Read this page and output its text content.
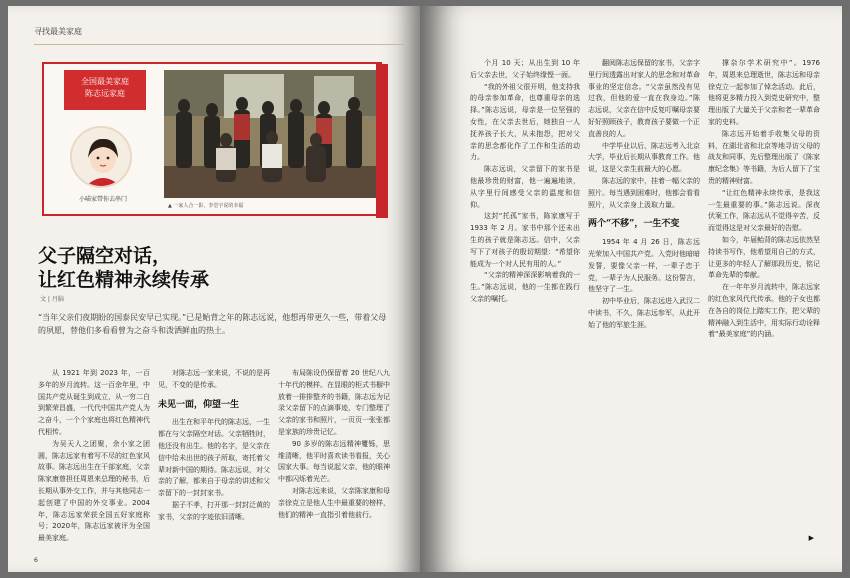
寻找最美家庭
全国最美家庭
陈志远家庭
小喵家带你去串门
▲ 一家人合一影，李堂宇说的幸福
父子隔空对话，
让红色精神永续传承
文 | 丹脑
“当年父亲们夜期盼的国泰民安早已实现。”已是鲐背之年的陈志远说，他想再带更久一些，带着父母的夙愿，替他们多看看曾为之奋斗和泼洒鲜血的热土。

从 1921 年到 2023 年，一百多年的岁月流转。这一百余年里，中国共产党从诞生到成立，从一穷二白到繁荣昌盛，一代代中国共产党人为之奋斗，一个个家庭也将红色精神代代相传。

为吴天人之团聚，余小家之团圆，陈志远家有着写不尽的红色家风故事。陈志远出生在干部家庭，父亲陈家康曾担任周恩来总理的秘书，后长期从事外交工作，并与其他同志一起创建了中国的外交事业。2004年，陈志远家荣获全国五好家庭称号；2020年，陈志远家被评为全国最美家庭。

对陈志远一家来说，不说的是再见，不变的是传承。

未见一面，仰望一生

出生在和平年代的陈志远，一生都在与父亲隔空对话。父亲牺牲时，他还没有出生。他的名字，是父亲在信中给未出世的孩子所取，寄托着父辈对新中国的期待。陈志远说，对父亲的了解，都来自于母亲的讲述和父亲留下的一封封家书。

据子不孝，打开那一封封泛黄的家书，父亲的字迹依旧清晰。

布局陈设仍保留着 20 世纪八九十年代的模样。在显眼的柜式书橱中放着一排排整齐的书籍，陈志远为记录父亲留下的点滴事迹，专门整理了父亲的家书和照片，一页页一张张都是家族的珍贵记忆。

90 多岁的陈志远精神矍铄，思维清晰，他平时喜欢读书看报，关心国家大事。每当说起父亲，他的眼神中都闪烁着光芒。

对陈志远来说，父亲陈家康和母亲徐克立是他人生中最重要的榜样，他们的精神一直指引着他前行。

6

个月 10 天；从出生到 10 年后父亲去世，父子始终缘悭一面。

“我的外祖父很开明，他支持我的母亲参加革命，也尊重母亲的选择。”陈志远说，母亲是一位坚强的女性，在父亲去世后，她独自一人抚养孩子长大，从未抱怨，把对父亲的思念都化作了工作和生活的动力。

陈志远说，父亲留下的家书是他最珍贵的财富，他一遍遍地读，从字里行间感受父亲的温度和信仰。

这封“托孤”家书，陈家康写于 1933 年 2 月。家书中那个还未出生的孩子就是陈志远。信中，父亲写下了对孩子的殷切期望：“希望你能成为一个对人民有用的人。”

“父亲的精神深深影响着我的一生。”陈志远说，他的一生都在践行父亲的嘱托。

翻阅陈志远保留的家书，父亲字里行间透露出对家人的思念和对革命事业的坚定信念。“父亲虽然没有见过我，但他的爱一直在我身边。”陈志远说，父亲在信中反复叮嘱母亲要好好照顾孩子，教育孩子要做一个正直善良的人。

中学毕业以后，陈志远考入北京大学，毕业后长期从事教育工作。他说，这是父亲生前最大的心愿。

陈志远的家中，挂着一幅父亲的照片。每当遇到困难时，他都会看看照片，从父亲身上汲取力量。

两个“不移”，一生不变

1954 年 4 月 26 日，陈志远光荣加入中国共产党。入党时他暗暗发誓，要像父亲一样，一辈子忠于党，一辈子为人民服务。这份誓言，他坚守了一生。

初中毕业后，陈志远进入武汉二中读书，不久，陈志远参军，从此开始了他的军旅生涯。

撑杂尔学术研究中”。1976 年，周恩来总理逝世，陈志远和母亲徐克立一起参加了悼念活动。此后，他将更多精力投入到党史研究中，整理出版了大量关于父亲和老一辈革命家的史料。

陈志远开始着手收集父母的资料，在湖北省和北京等地寻访父母的战友和同事，先后整理出版了《陈家康纪念集》等书籍，为后人留下了宝贵的精神财富。

“让红色精神永续传承，是我这一生最重要的事。”陈志远说。深夜伏案工作，陈志远从不觉得辛苦，反而觉得这是对父亲最好的告慰。

如今，年届鲐背的陈志远依然坚持读书写作，他希望用自己的方式，让更多的年轻人了解那段历史，铭记革命先辈的奉献。

在一年年岁月流转中，陈志远家的红色家风代代传承。他的子女也都在各自的岗位上踏实工作，把父辈的精神融入到生活中，用实际行动诠释着“最美家庭”的内涵。

▶
